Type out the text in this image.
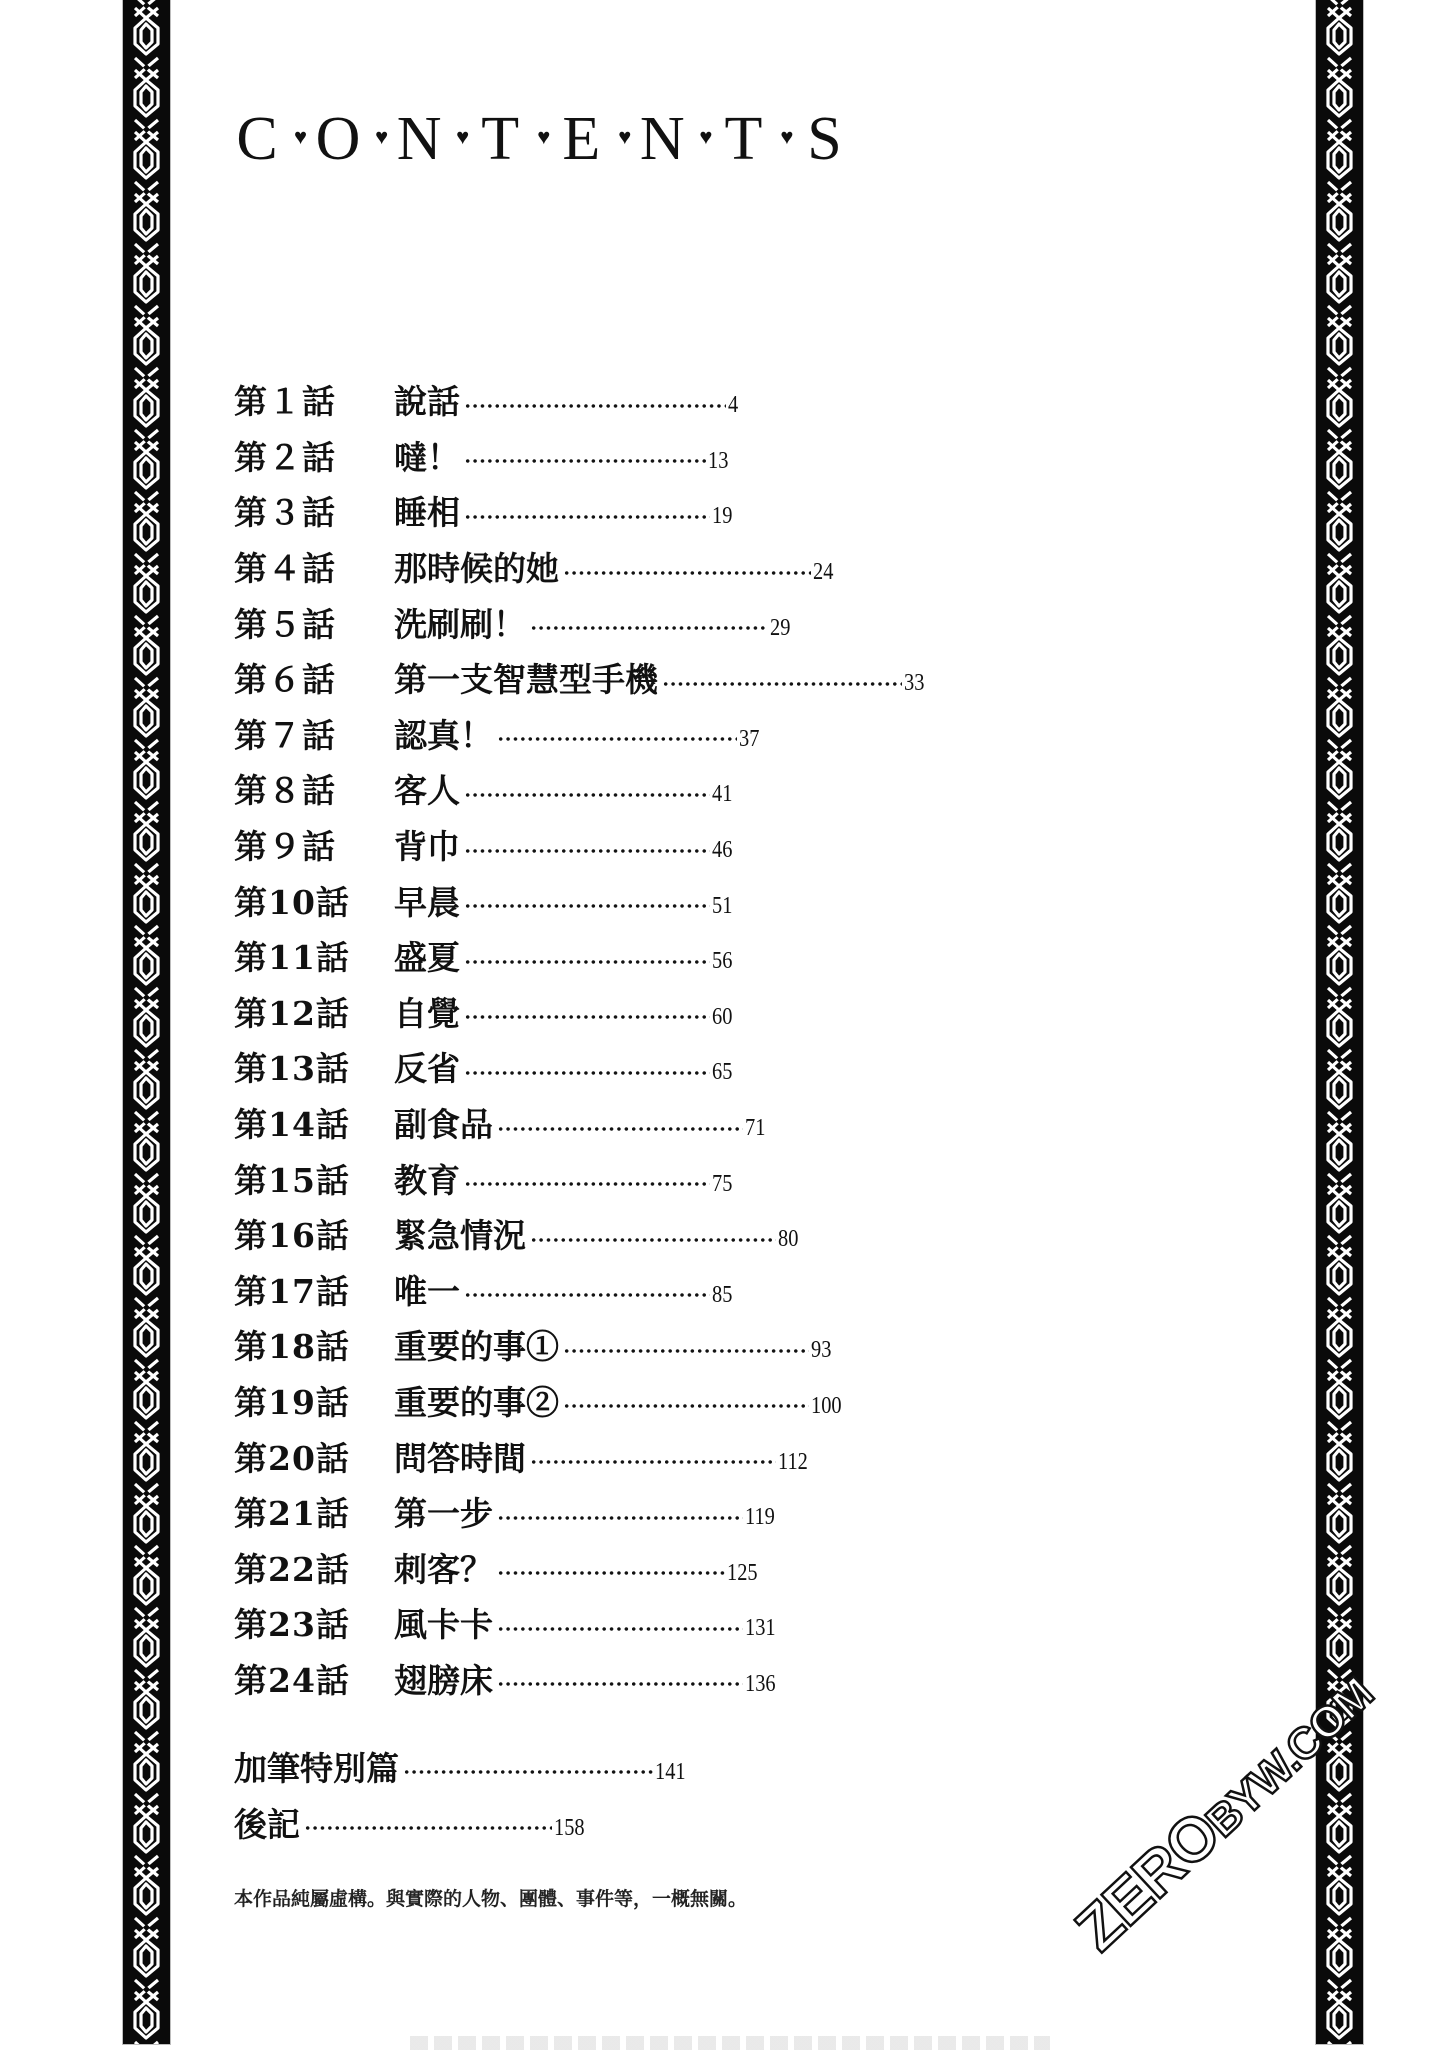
C ♥ O ♥ N ♥ T ♥ E ♥ N ♥ T ♥ S
第１話	說話	4
第２話	噠！	13
第３話	睡相	19
第４話	那時候的她	24
第５話	洗刷刷！	29
第６話	第一支智慧型手機	33
第７話	認真！	37
第８話	客人	41
第９話	背巾	46
第10話	早晨	51
第11話	盛夏	56
第12話	自覺	60
第13話	反省	65
第14話	副食品	71
第15話	教育	75
第16話	緊急情況	80
第17話	唯一	85
第18話	重要的事①	93
第19話	重要的事②	100
第20話	問答時間	112
第21話	第一步	119
第22話	刺客？	125
第23話	風卡卡	131
第24話	翅膀床	136
加筆特別篇	141
後記	158
本作品純屬虛構。與實際的人物、團體、事件等，一概無關。	ZEROBYW.COM
